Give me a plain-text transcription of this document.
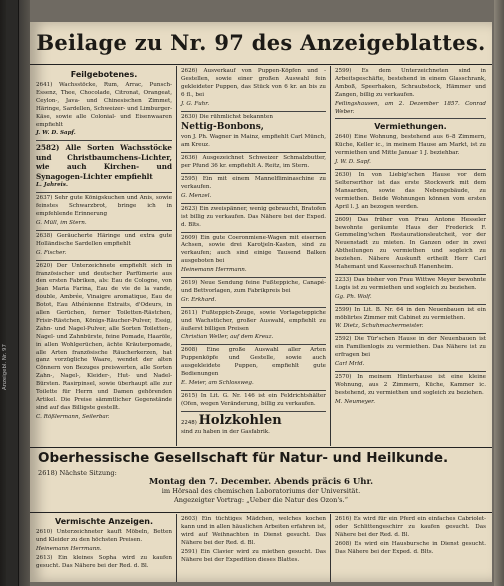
Beilage zu Nr. 97 des Anzeigeblattes.
Feilgebotenes.

2641) Wachsstöcke, Rum, Arrac, Punsch-Essenz, Thee, Chocolade, Citronat, Orangeat, Ceylon-, Java- und Chinesischen Zimmet, Häringe, Sardellen, Schweizer- und Limburger-Käse, sowie alle Colonial- und Eisenwaaren empfiehlt

J. W. D. Sapf.

2582) Alle Sorten Wachsstöcke und Christbaumchens-Lichter, wie auch Kirchen- und Synagogen-Lichter empfiehlt

L. Jahreis.

2637) Sehr gute Königskuchen und Anis, sowie feinstes Schwarzbrot, bringe ich in empfehlende Erinnerung

G. Müll, im Stern.

2638) Geräucherte Häringe und extra gute Holländische Sardellen empfiehlt

G. Fischer.

2620) Der Unterzeichnete empfiehlt sich in französischer und deutscher Parfümerie aus den ersten Fabriken, als: Eau de Cologne, von Jean Maria Farina, Eau de vie de la vande, double, Ambrée, Vinaigre aromatique, Eau de Botot, Eau Athénienne Extraits, d'Odeurs, in allen Gerüchen, ferner Toiletten-Rästchen, Frisir-Rästchen, Königs-Räucher-Pulver, Essig, Zahn- und Nagel-Pulver, alle Sorten Toiletten-, Nagel- und Zahnbürste, feine Pomade, Haaröle, in allen Wohlgerüchen, ächte Kräuterpomade, alle Arten französische Räucherkerzen, hat ganz vorzügliche Waare, wendet der alten Cönnern von Bezuges preiswerten, alle Sorten Zahn-, Nagel-, Kleider-, Hut- und Nadel-Bürsten. Rasirpinsel, sowie überhaupt alle zur Toilette für Herrn und Damen gehörenden Artikel. Die Preise sämmtlicher Gegenstände sind auf das Billigste gestellt.

C. Rößlermann, Seilerbar.

2626) Ausverkauf von Puppen-Köpfen und -Gestellen, sowie einer großen Auswahl fein gekleideter Puppen, das Stück von 6 kr. an bis zu 6 fl., bei

J. G. Fuhr.

2630) Die rühmlichst bekannten

Nettig-Bonbons,

von J. Ph. Wagner in Mainz, empfiehlt Carl Münch, am Kreuz.

2636) Ausgezeichnet Schweizer Schmalzbutter, per Pfund 36 kr. empfiehlt A. Reitz, im Stern.

2595) Ein mit einem Mannelfliminaschine zu verkaufen.

G. Menzel.

2623) Ein zweispänner, wenig gebraucht, Bratofen ist billig zu verkaufen. Das Nähere bei der Exped. d. Blts.

2609) Ein gute Coeronmiene-Wagen mit eisernen Achsen, sowie drei Karotjeln-Kasten, sind zu verkaufen; auch sind einige Tausend Balken ausgeboten bei

Heinemann Herrmann.

2619) Neue Sendung feine Fußteppiche, Canapé- und Bettvorlagen, zum Fabrikpreis bei

Gr. Erkhard.

2611) Fußteppich-Zeuge, sowie Vorlageteppiche und Wachstücher, großer Auswahl, empfiehlt zu äußerst billigen Preisen

Christian Weller, auf dem Kreuz.

2608) Eine große Auswahl aller Arten Puppenköpfe und Gestelle, sowie auch ausgekleidete Puppen, empfiehlt gute Bedienungen

E. Meier, am Schlossweg.

2615) In Lit. G. Nr. 146 ist ein Feldrichtshälter (Ofen, wegen Veränderung, billig zu verkaufen.

2248) Holzkohlen

sind zu haben in der Gasfabrik.

2599) Es dem Unterzeichneten sind in Arbeitsgeschäfte, bestehend in einem Glasschrank, Amboß, Speerhaken, Schraubstock, Hämmer und Zangen, billig zu verkaufen.

Feilingshausen, am 2. Dezember 1857. Conrad Weber.

Vermiethungen.

2640) Eine Wohnung, bestehend aus 6–8 Zimmern, Küche, Keller ic., in meinem Hause am Markt, ist zu vermiethen und Mitte Januar 1 J. beziehbar.

J. W. D. Sapf.

2630) In von Liebig'schen Hause vor dem Selterserthor ist das erste Stockwerk mit dem Mansarden, sowie das Nebengebäude, zu vermiethen. Beide Wohnungen können vom ersten April l. J. an bezogen werden.

2609) Das früher von Frau Antone Hesseler bewohnte geräumte Haus der Frederick F. Gemmeling'schen Restaurationsleutcheit, vor der Neuenstadt zu mieten. In Ganzen oder in zwei Abtheilungen zu vermiethen und sogleich zu beziehen. Nähere Auskunft ertheilt Herr Carl Mahemant und Kassenschuß Hanenheim.

2233) Das bisher von Frau Wittwe Meyer bewohnte Logis ist zu vermiethen und sogleich zu beziehen.

Gg. Ph. Wolf.

2599) In Lit. B. Nr. 64 in den Neuenbauen ist ein möblirtes Zimmer mit Cabinet zu vermiethen.

W. Dietz, Schuhmachermeister.

2592) Die Tür'schen Hause in der Neuenbauen ist ein Familienlogis zu vermiethen. Das Nähere ist zu erfragen bei

Carl Mrld.

2570) In meinem Hinterhause ist eine kleine Wohnung, aus 2 Zimmern, Küche, Kammer ic. bestehend, zu vermiethen und sogleich zu beziehen.

M. Neumeyer.

Oberhessische Gesellschaft für Natur- und Heilkunde.
2618) Nächste Sitzung:
Montag den 7. December. Abends präcis 6 Uhr.
im Hörsaal des chemischen Laboratoriums der Universität.
Angezeigter Vortrag: „Ueber die Natur des Ozon's.“
Vermischte Anzeigen.

2610) Unterzeichneter kauft Möbeln, Betten und Kleider zu den höchsten Preisen.

Heinemann Herrmann.

2613) Ein kleines Sopha wird zu kaufen gesucht. Das Nähere bei der Red. d. Bl.

2603) Ein tüchtiges Mädchen, welches kochen kann und in allen häuslichen Arbeiten erfahren ist, wird auf Weihnachten in Dienst gesucht. Das Nähere bei der Red. d. Bl.

2591) Ein Clavier wird zu miethen gesucht. Das Nähere bei der Expedition dieses Blattes.

2616) Es wird für ein Pferd ein einfaches Cabriolet- oder Schlittengeschirr zu kaufen gesucht. Das Nähere bei der Red. d. Bl.

2608) Es wird ein Hausbursche in Dienst gesucht. Das Nähere bei der Exped. d. Blts.

Anzeigebl. Nr. 97
